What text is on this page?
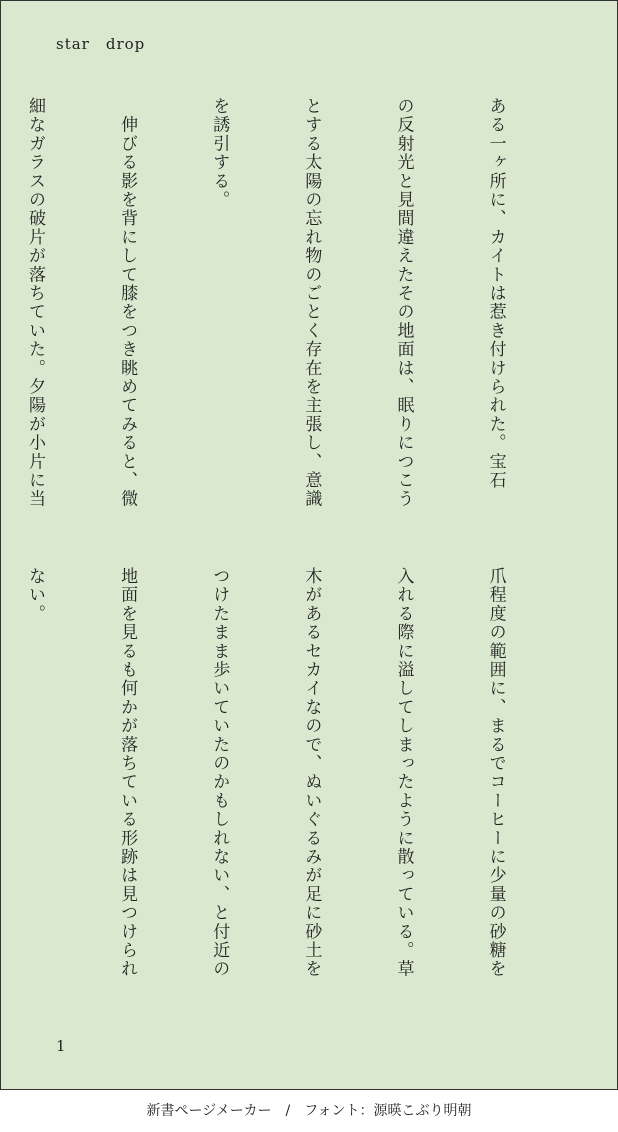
star drop

ある一ヶ所に、カイトは惹き付けられた。宝石

の反射光と見間違えたその地面は、眠りにつこう

とする太陽の忘れ物のごとく存在を主張し、意識

を誘引する。

　伸びる影を背にして膝をつき眺めてみると、微

細なガラスの破片が落ちていた。夕陽が小片に当

爪程度の範囲に、まるでコーヒーに少量の砂糖を

入れる際に溢してしまったように散っている。草

木があるセカイなので、ぬいぐるみが足に砂土を

つけたまま歩いていたのかもしれない、と付近の

地面を見るも何かが落ちている形跡は見つけられ

ない。

1
新書ページメーカー　/　フォント：源暎こぶり明朝
